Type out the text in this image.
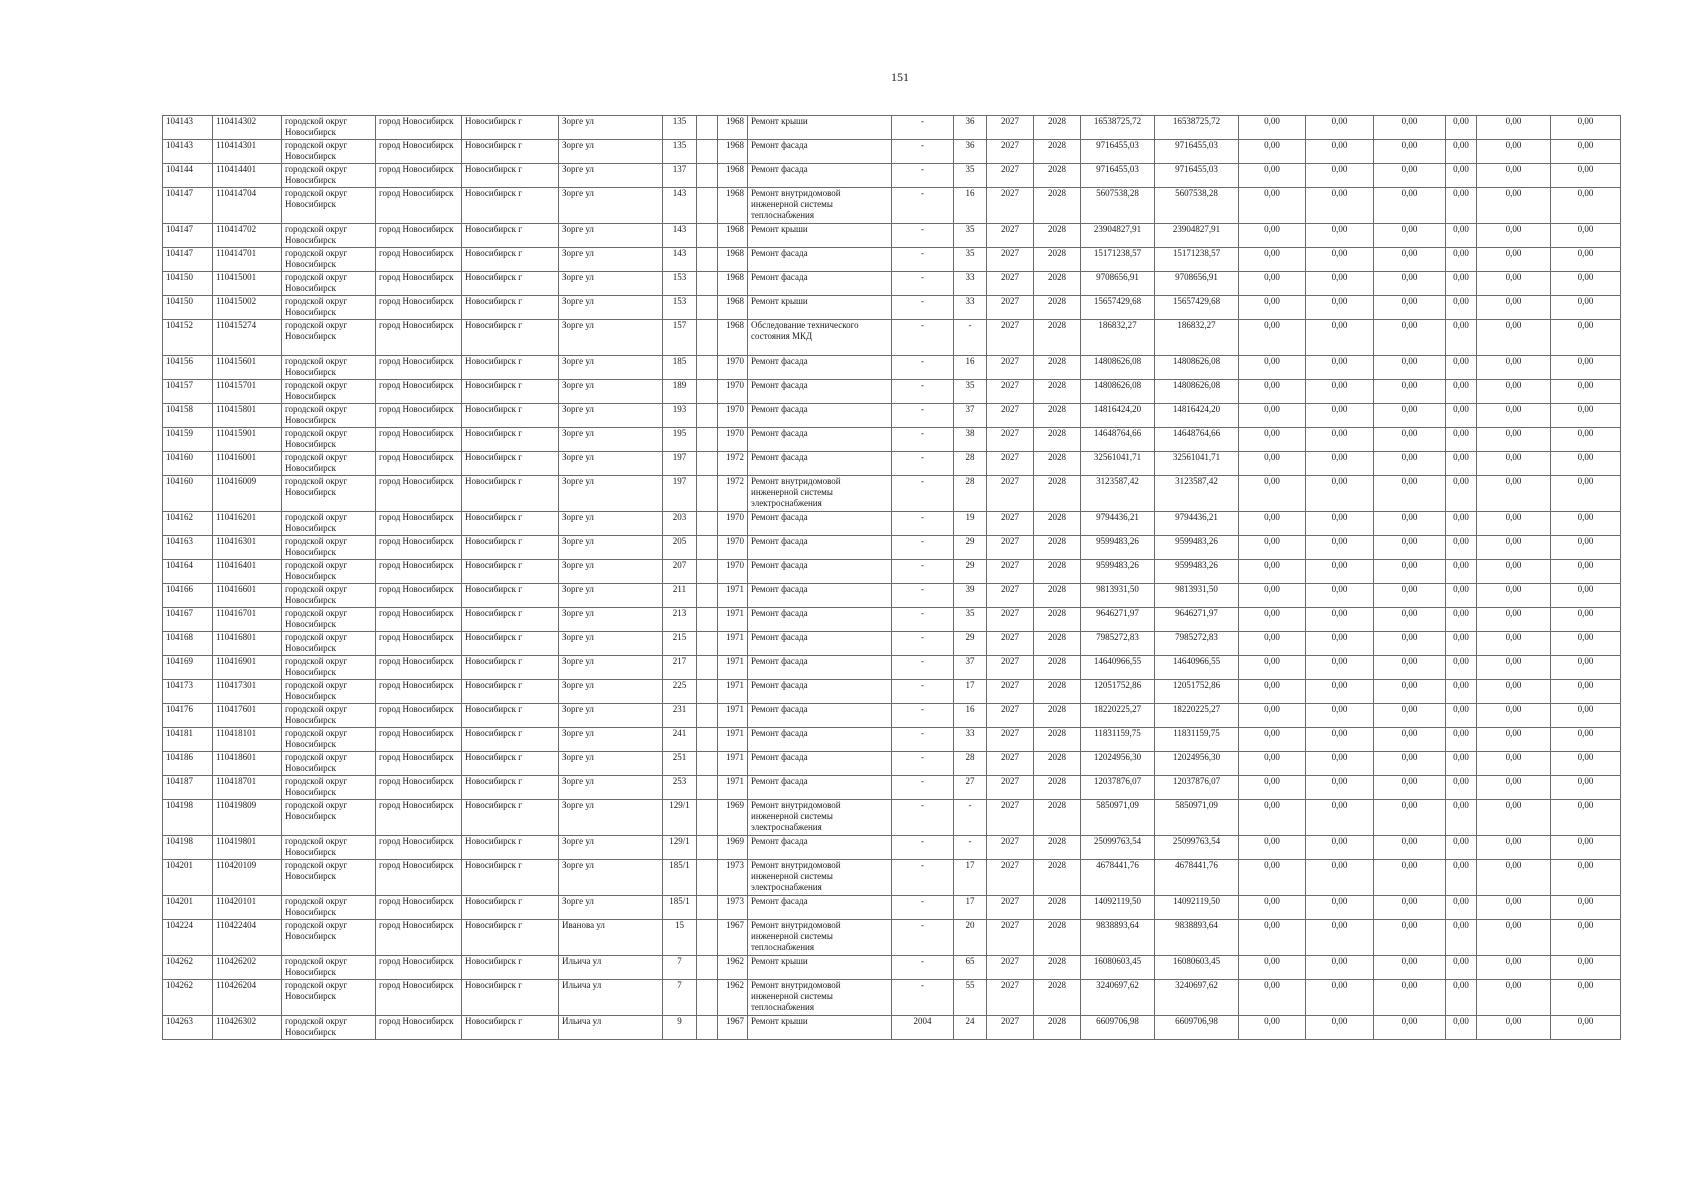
151
104143	110414302	городской округ Новосибирск	город Новосибирск	Новосибирск г	Зорге ул	135		1968	Ремонт крыши	-	36	2027	2028	16538725,72	16538725,72	0,00	0,00	0,00	0,00	0,00	0,00
104143	110414301	городской округ Новосибирск	город Новосибирск	Новосибирск г	Зорге ул	135		1968	Ремонт фасада	-	36	2027	2028	9716455,03	9716455,03	0,00	0,00	0,00	0,00	0,00	0,00
104144	110414401	городской округ Новосибирск	город Новосибирск	Новосибирск г	Зорге ул	137		1968	Ремонт фасада	-	35	2027	2028	9716455,03	9716455,03	0,00	0,00	0,00	0,00	0,00	0,00
104147	110414704	городской округ Новосибирск	город Новосибирск	Новосибирск г	Зорге ул	143		1968	Ремонт внутридомовой инженерной системы теплоснабжения	-	16	2027	2028	5607538,28	5607538,28	0,00	0,00	0,00	0,00	0,00	0,00
104147	110414702	городской округ Новосибирск	город Новосибирск	Новосибирск г	Зорге ул	143		1968	Ремонт крыши	-	35	2027	2028	23904827,91	23904827,91	0,00	0,00	0,00	0,00	0,00	0,00
104147	110414701	городской округ Новосибирск	город Новосибирск	Новосибирск г	Зорге ул	143		1968	Ремонт фасада	-	35	2027	2028	15171238,57	15171238,57	0,00	0,00	0,00	0,00	0,00	0,00
104150	110415001	городской округ Новосибирск	город Новосибирск	Новосибирск г	Зорге ул	153		1968	Ремонт фасада	-	33	2027	2028	9708656,91	9708656,91	0,00	0,00	0,00	0,00	0,00	0,00
104150	110415002	городской округ Новосибирск	город Новосибирск	Новосибирск г	Зорге ул	153		1968	Ремонт крыши	-	33	2027	2028	15657429,68	15657429,68	0,00	0,00	0,00	0,00	0,00	0,00
104152	110415274	городской округ Новосибирск	город Новосибирск	Новосибирск г	Зорге ул	157		1968	Обследование технического состояния МКД	-	-	2027	2028	186832,27	186832,27	0,00	0,00	0,00	0,00	0,00	0,00
104156	110415601	городской округ Новосибирск	город Новосибирск	Новосибирск г	Зорге ул	185		1970	Ремонт фасада	-	16	2027	2028	14808626,08	14808626,08	0,00	0,00	0,00	0,00	0,00	0,00
104157	110415701	городской округ Новосибирск	город Новосибирск	Новосибирск г	Зорге ул	189		1970	Ремонт фасада	-	35	2027	2028	14808626,08	14808626,08	0,00	0,00	0,00	0,00	0,00	0,00
104158	110415801	городской округ Новосибирск	город Новосибирск	Новосибирск г	Зорге ул	193		1970	Ремонт фасада	-	37	2027	2028	14816424,20	14816424,20	0,00	0,00	0,00	0,00	0,00	0,00
104159	110415901	городской округ Новосибирск	город Новосибирск	Новосибирск г	Зорге ул	195		1970	Ремонт фасада	-	38	2027	2028	14648764,66	14648764,66	0,00	0,00	0,00	0,00	0,00	0,00
104160	110416001	городской округ Новосибирск	город Новосибирск	Новосибирск г	Зорге ул	197		1972	Ремонт фасада	-	28	2027	2028	32561041,71	32561041,71	0,00	0,00	0,00	0,00	0,00	0,00
104160	110416009	городской округ Новосибирск	город Новосибирск	Новосибирск г	Зорге ул	197		1972	Ремонт внутридомовой инженерной системы электроснабжения	-	28	2027	2028	3123587,42	3123587,42	0,00	0,00	0,00	0,00	0,00	0,00
104162	110416201	городской округ Новосибирск	город Новосибирск	Новосибирск г	Зорге ул	203		1970	Ремонт фасада	-	19	2027	2028	9794436,21	9794436,21	0,00	0,00	0,00	0,00	0,00	0,00
104163	110416301	городской округ Новосибирск	город Новосибирск	Новосибирск г	Зорге ул	205		1970	Ремонт фасада	-	29	2027	2028	9599483,26	9599483,26	0,00	0,00	0,00	0,00	0,00	0,00
104164	110416401	городской округ Новосибирск	город Новосибирск	Новосибирск г	Зорге ул	207		1970	Ремонт фасада	-	29	2027	2028	9599483,26	9599483,26	0,00	0,00	0,00	0,00	0,00	0,00
104166	110416601	городской округ Новосибирск	город Новосибирск	Новосибирск г	Зорге ул	211		1971	Ремонт фасада	-	39	2027	2028	9813931,50	9813931,50	0,00	0,00	0,00	0,00	0,00	0,00
104167	110416701	городской округ Новосибирск	город Новосибирск	Новосибирск г	Зорге ул	213		1971	Ремонт фасада	-	35	2027	2028	9646271,97	9646271,97	0,00	0,00	0,00	0,00	0,00	0,00
104168	110416801	городской округ Новосибирск	город Новосибирск	Новосибирск г	Зорге ул	215		1971	Ремонт фасада	-	29	2027	2028	7985272,83	7985272,83	0,00	0,00	0,00	0,00	0,00	0,00
104169	110416901	городской округ Новосибирск	город Новосибирск	Новосибирск г	Зорге ул	217		1971	Ремонт фасада	-	37	2027	2028	14640966,55	14640966,55	0,00	0,00	0,00	0,00	0,00	0,00
104173	110417301	городской округ Новосибирск	город Новосибирск	Новосибирск г	Зорге ул	225		1971	Ремонт фасада	-	17	2027	2028	12051752,86	12051752,86	0,00	0,00	0,00	0,00	0,00	0,00
104176	110417601	городской округ Новосибирск	город Новосибирск	Новосибирск г	Зорге ул	231		1971	Ремонт фасада	-	16	2027	2028	18220225,27	18220225,27	0,00	0,00	0,00	0,00	0,00	0,00
104181	110418101	городской округ Новосибирск	город Новосибирск	Новосибирск г	Зорге ул	241		1971	Ремонт фасада	-	33	2027	2028	11831159,75	11831159,75	0,00	0,00	0,00	0,00	0,00	0,00
104186	110418601	городской округ Новосибирск	город Новосибирск	Новосибирск г	Зорге ул	251		1971	Ремонт фасада	-	28	2027	2028	12024956,30	12024956,30	0,00	0,00	0,00	0,00	0,00	0,00
104187	110418701	городской округ Новосибирск	город Новосибирск	Новосибирск г	Зорге ул	253		1971	Ремонт фасада	-	27	2027	2028	12037876,07	12037876,07	0,00	0,00	0,00	0,00	0,00	0,00
104198	110419809	городской округ Новосибирск	город Новосибирск	Новосибирск г	Зорге ул	129/1		1969	Ремонт внутридомовой инженерной системы электроснабжения	-	-	2027	2028	5850971,09	5850971,09	0,00	0,00	0,00	0,00	0,00	0,00
104198	110419801	городской округ Новосибирск	город Новосибирск	Новосибирск г	Зорге ул	129/1		1969	Ремонт фасада	-	-	2027	2028	25099763,54	25099763,54	0,00	0,00	0,00	0,00	0,00	0,00
104201	110420109	городской округ Новосибирск	город Новосибирск	Новосибирск г	Зорге ул	185/1		1973	Ремонт внутридомовой инженерной системы электроснабжения	-	17	2027	2028	4678441,76	4678441,76	0,00	0,00	0,00	0,00	0,00	0,00
104201	110420101	городской округ Новосибирск	город Новосибирск	Новосибирск г	Зорге ул	185/1		1973	Ремонт фасада	-	17	2027	2028	14092119,50	14092119,50	0,00	0,00	0,00	0,00	0,00	0,00
104224	110422404	городской округ Новосибирск	город Новосибирск	Новосибирск г	Иванова ул	15		1967	Ремонт внутридомовой инженерной системы теплоснабжения	-	20	2027	2028	9838893,64	9838893,64	0,00	0,00	0,00	0,00	0,00	0,00
104262	110426202	городской округ Новосибирск	город Новосибирск	Новосибирск г	Ильича ул	7		1962	Ремонт крыши	-	65	2027	2028	16080603,45	16080603,45	0,00	0,00	0,00	0,00	0,00	0,00
104262	110426204	городской округ Новосибирск	город Новосибирск	Новосибирск г	Ильича ул	7		1962	Ремонт внутридомовой инженерной системы теплоснабжения	-	55	2027	2028	3240697,62	3240697,62	0,00	0,00	0,00	0,00	0,00	0,00
104263	110426302	городской округ Новосибирск	город Новосибирск	Новосибирск г	Ильича ул	9		1967	Ремонт крыши	2004	24	2027	2028	6609706,98	6609706,98	0,00	0,00	0,00	0,00	0,00	0,00
